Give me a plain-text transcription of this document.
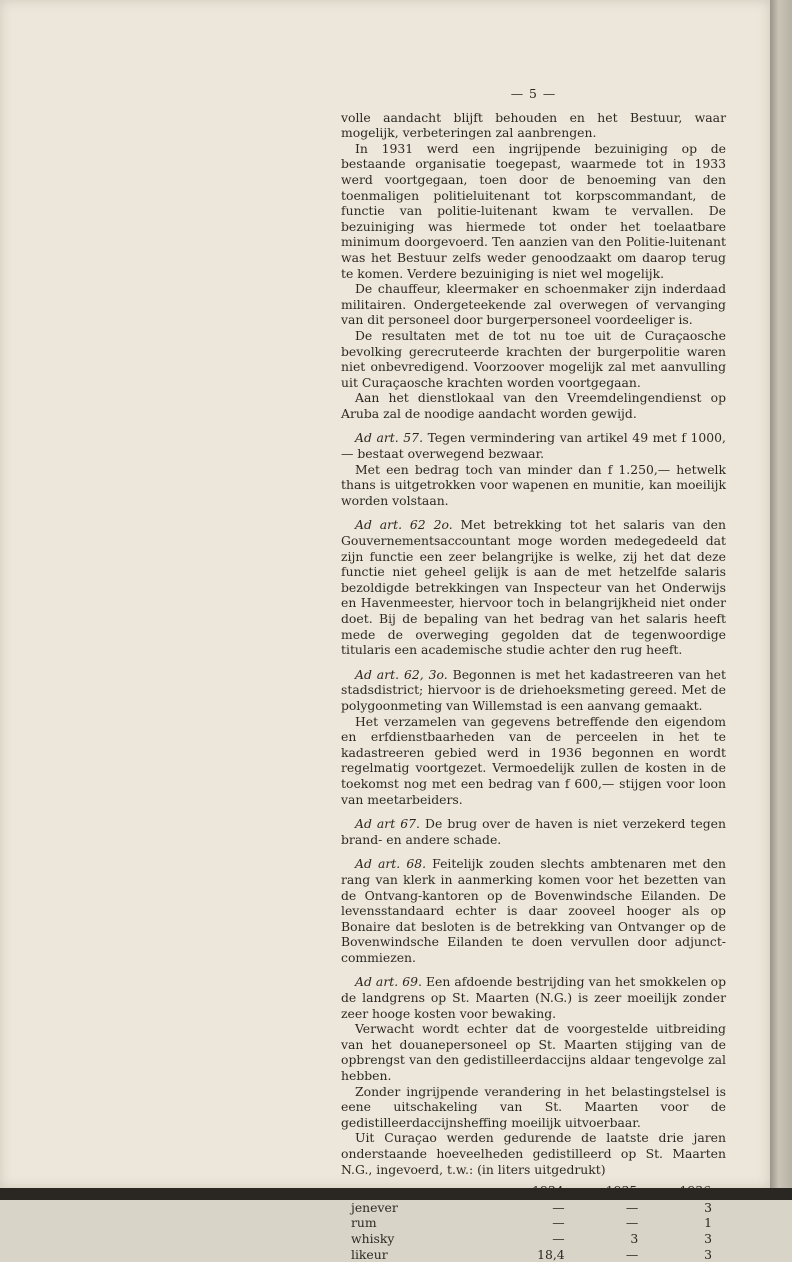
— 5 —

volle aandacht blijft behouden en het Bestuur, waar mogelijk, verbeteringen zal aanbrengen.

In 1931 werd een ingrijpende bezuiniging op de bestaande organisatie toegepast, waarmede tot in 1933 werd voortgegaan, toen door de benoeming van den toenmaligen politieluitenant tot korpscommandant, de functie van politie-luitenant kwam te vervallen. De bezuiniging was hiermede tot onder het toelaatbare minimum doorgevoerd. Ten aanzien van den Politie-luitenant was het Bestuur zelfs weder genoodzaakt om daarop terug te komen. Verdere bezuiniging is niet wel mogelijk.

De chauffeur, kleermaker en schoenmaker zijn inderdaad militairen. Ondergeteekende zal overwegen of vervanging van dit personeel door burgerpersoneel voordeeliger is.

De resultaten met de tot nu toe uit de Curaçaosche bevolking gerecruteerde krachten der burgerpolitie waren niet onbevredigend. Voorzoover mogelijk zal met aanvulling uit Curaçaosche krachten worden voortgegaan.

Aan het dienstlokaal van den Vreemdelingendienst op Aruba zal de noodige aandacht worden gewijd.

Ad art. 57. Tegen vermindering van artikel 49 met f 1000,— bestaat overwegend bezwaar.

Met een bedrag toch van minder dan f 1.250,— hetwelk thans is uitgetrokken voor wapenen en munitie, kan moeilijk worden volstaan.

Ad art. 62 2o. Met betrekking tot het salaris van den Gouvernementsaccountant moge worden medegedeeld dat zijn functie een zeer belangrijke is welke, zij het dat deze functie niet geheel gelijk is aan de met hetzelfde salaris bezoldigde betrekkingen van Inspecteur van het Onderwijs en Havenmeester, hiervoor toch in belangrijkheid niet onder doet. Bij de bepaling van het bedrag van het salaris heeft mede de overweging gegolden dat de tegenwoordige titularis een academische studie achter den rug heeft.

Ad art. 62, 3o. Begonnen is met het kadastreeren van het stadsdistrict; hiervoor is de driehoeksmeting gereed. Met de polygoonmeting van Willemstad is een aanvang gemaakt.

Het verzamelen van gegevens betreffende den eigendom en erfdienstbaarheden van de perceelen in het te kadastreeren gebied werd in 1936 begonnen en wordt regelmatig voortgezet. Vermoedelijk zullen de kosten in de toekomst nog met een bedrag van f 600,— stijgen voor loon van meetarbeiders.

Ad art 67. De brug over de haven is niet verzekerd tegen brand- en andere schade.

Ad art. 68. Feitelijk zouden slechts ambtenaren met den rang van klerk in aanmerking komen voor het bezetten van de Ontvang-kantoren op de Bovenwindsche Eilanden. De levensstandaard echter is daar zooveel hooger als op Bonaire dat besloten is de betrekking van Ontvanger op de Bovenwindsche Eilanden te doen vervullen door adjunct-commiezen.

Ad art. 69. Een afdoende bestrijding van het smokkelen op de landgrens op St. Maarten (N.G.) is zeer moeilijk zonder zeer hooge kosten voor bewaking.

Verwacht wordt echter dat de voorgestelde uitbreiding van het douanepersoneel op St. Maarten stijging van de opbrengst van den gedistilleerdaccijns aldaar tengevolge zal hebben.

Zonder ingrijpende verandering in het belastingstelsel is eene uitschakeling van St. Maarten voor de gedistilleerdaccijnsheffing moeilijk uitvoerbaar.

Uit Curaçao werden gedurende de laatste drie jaren onderstaande hoeveelheden gedistilleerd op St. Maarten N.G., ingevoerd, t.w.: (in liters uitgedrukt)

jenever	—	—	3
rum	—	—	1
whisky	—	3	3
likeur	18,4	—	3
